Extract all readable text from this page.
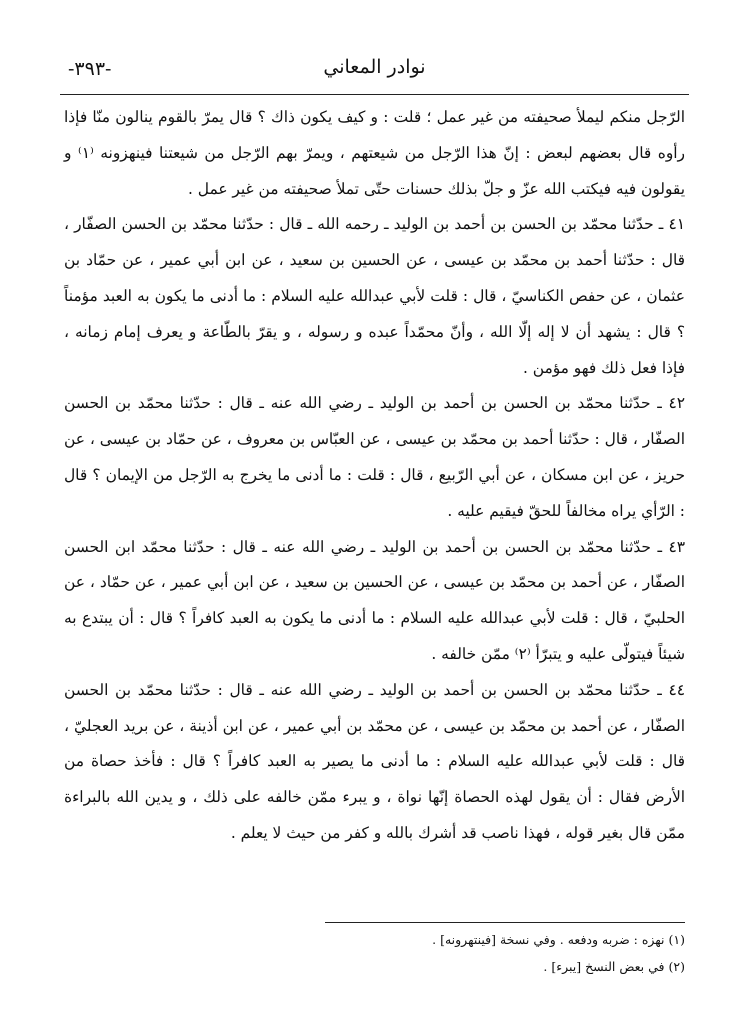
نوادر المعاني
-٣٩٣-

الرّجل منكم ليملأ صحيفته من غير عمل ؛ قلت : و كيف يكون ذاك ؟ قال يمرّ بالقوم ينالون منّا فإذا رأوه قال بعضهم لبعض : إنّ هذا الرّجل من شيعتهم ، ويمرّ بهم الرّجل من شيعتنا فينهزونه ⁽١⁾ و يقولون فيه فيكتب الله عزّ و جلّ بذلك حسنات حتّى تملأ صحيفته من غير عمل .

٤١ ـ حدّثنا محمّد بن الحسن بن أحمد بن الوليد ـ رحمه الله ـ قال : حدّثنا محمّد بن الحسن الصفّار ، قال : حدّثنا أحمد بن محمّد بن عيسى ، عن الحسين بن سعيد ، عن ابن أبي عمير ، عن حمّاد بن عثمان ، عن حفص الكناسيّ ، قال : قلت لأبي عبدالله عليه السلام : ما أدنى ما يكون به العبد مؤمناً ؟ قال : يشهد أن لا إله إلّا الله ، وأنّ محمّداً عبده و رسوله ، و يقرّ بالطّاعة و يعرف إمام زمانه ، فإذا فعل ذلك فهو مؤمن .

٤٢ ـ حدّثنا محمّد بن الحسن بن أحمد بن الوليد ـ رضي الله عنه ـ قال : حدّثنا محمّد بن الحسن الصفّار ، قال : حدّثنا أحمد بن محمّد بن عيسى ، عن العبّاس بن معروف ، عن حمّاد بن عيسى ، عن حريز ، عن ابن مسكان ، عن أبي الرّبيع ، قال : قلت : ما أدنى ما يخرج به الرّجل من الإيمان ؟ قال : الرّأي يراه مخالفاً للحقّ فيقيم عليه .

٤٣ ـ حدّثنا محمّد بن الحسن بن أحمد بن الوليد ـ رضي الله عنه ـ قال : حدّثنا محمّد ابن الحسن الصفّار ، عن أحمد بن محمّد بن عيسى ، عن الحسين بن سعيد ، عن ابن أبي عمير ، عن حمّاد ، عن الحلبيّ ، قال : قلت لأبي عبدالله عليه السلام : ما أدنى ما يكون به العبد كافراً ؟ قال : أن يبتدع به شيئاً فيتولّى عليه و يتبرّأ ⁽٢⁾ ممّن خالفه .

٤٤ ـ حدّثنا محمّد بن الحسن بن أحمد بن الوليد ـ رضي الله عنه ـ قال : حدّثنا محمّد بن الحسن الصفّار ، عن أحمد بن محمّد بن عيسى ، عن محمّد بن أبي عمير ، عن ابن أذينة ، عن بريد العجليّ ، قال : قلت لأبي عبدالله عليه السلام : ما أدنى ما يصير به العبد كافراً ؟ قال : فأخذ حصاة من الأرض فقال : أن يقول لهذه الحصاة إنّها نواة ، و يبرء ممّن خالفه على ذلك ، و يدين الله بالبراءة ممّن قال بغير قوله ، فهذا ناصب قد أشرك بالله و كفر من حيث لا يعلم .

(١) نهزه : ضربه ودفعه . وفي نسخة [فينتهرونه] .
(٢) في بعض النسخ [يبرء] .
